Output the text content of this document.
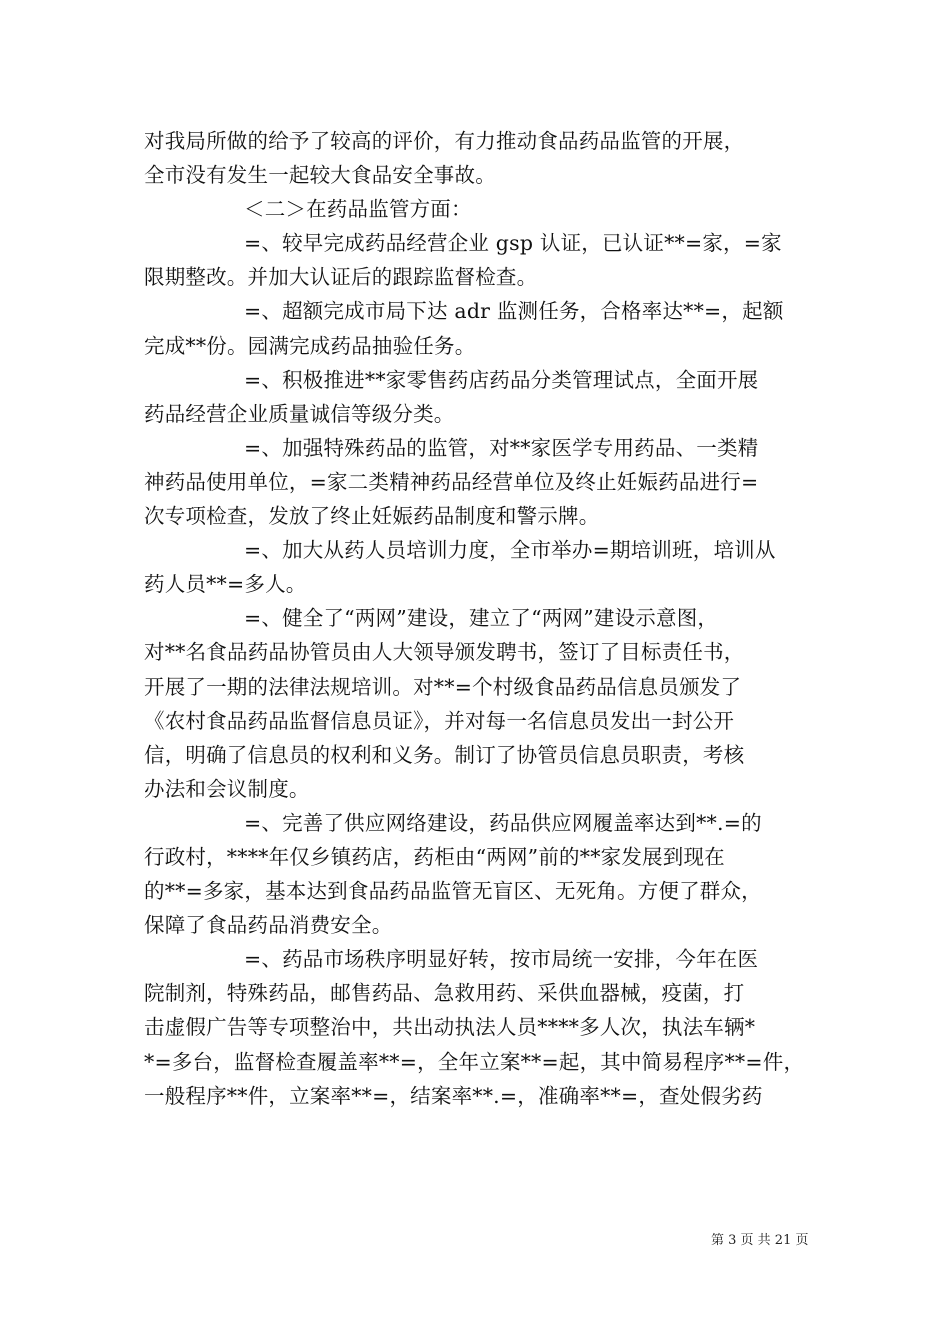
对我局所做的给予了较高的评价，有力推动食品药品监管的开展，
全市没有发生一起较大食品安全事故。
＜二＞在药品监管方面：
=、较早完成药品经营企业 gsp 认证，已认证**=家，=家
限期整改。并加大认证后的跟踪监督检查。
=、超额完成市局下达 adr 监测任务，合格率达**=，起额
完成**份。园满完成药品抽验任务。
=、积极推进**家零售药店药品分类管理试点，全面开展
药品经营企业质量诚信等级分类。
=、加强特殊药品的监管，对**家医学专用药品、一类精
神药品使用单位，=家二类精神药品经营单位及终止妊娠药品进行=
次专项检查，发放了终止妊娠药品制度和警示牌。
=、加大从药人员培训力度，全市举办=期培训班，培训从
药人员**=多人。
=、健全了“两网”建设，建立了“两网”建设示意图，
对**名食品药品协管员由人大领导颁发聘书，签订了目标责任书，
开展了一期的法律法规培训。对**=个村级食品药品信息员颁发了
《农村食品药品监督信息员证》，并对每一名信息员发出一封公开
信，明确了信息员的权利和义务。制订了协管员信息员职责，考核
办法和会议制度。
=、完善了供应网络建设，药品供应网履盖率达到**.=的
行政村，****年仅乡镇药店，药柜由“两网”前的**家发展到现在
的**=多家，基本达到食品药品监管无盲区、无死角。方便了群众，
保障了食品药品消费安全。
=、药品市场秩序明显好转，按市局统一安排，今年在医
院制剂，特殊药品，邮售药品、急救用药、采供血器械，疫菌，打
击虚假广告等专项整治中，共出动执法人员****多人次，执法车辆*
*=多台，监督检查履盖率**=，全年立案**=起，其中简易程序**=件，
一般程序**件，立案率**=，结案率**.=，准确率**=，查处假劣药
第 3 页 共 21 页
